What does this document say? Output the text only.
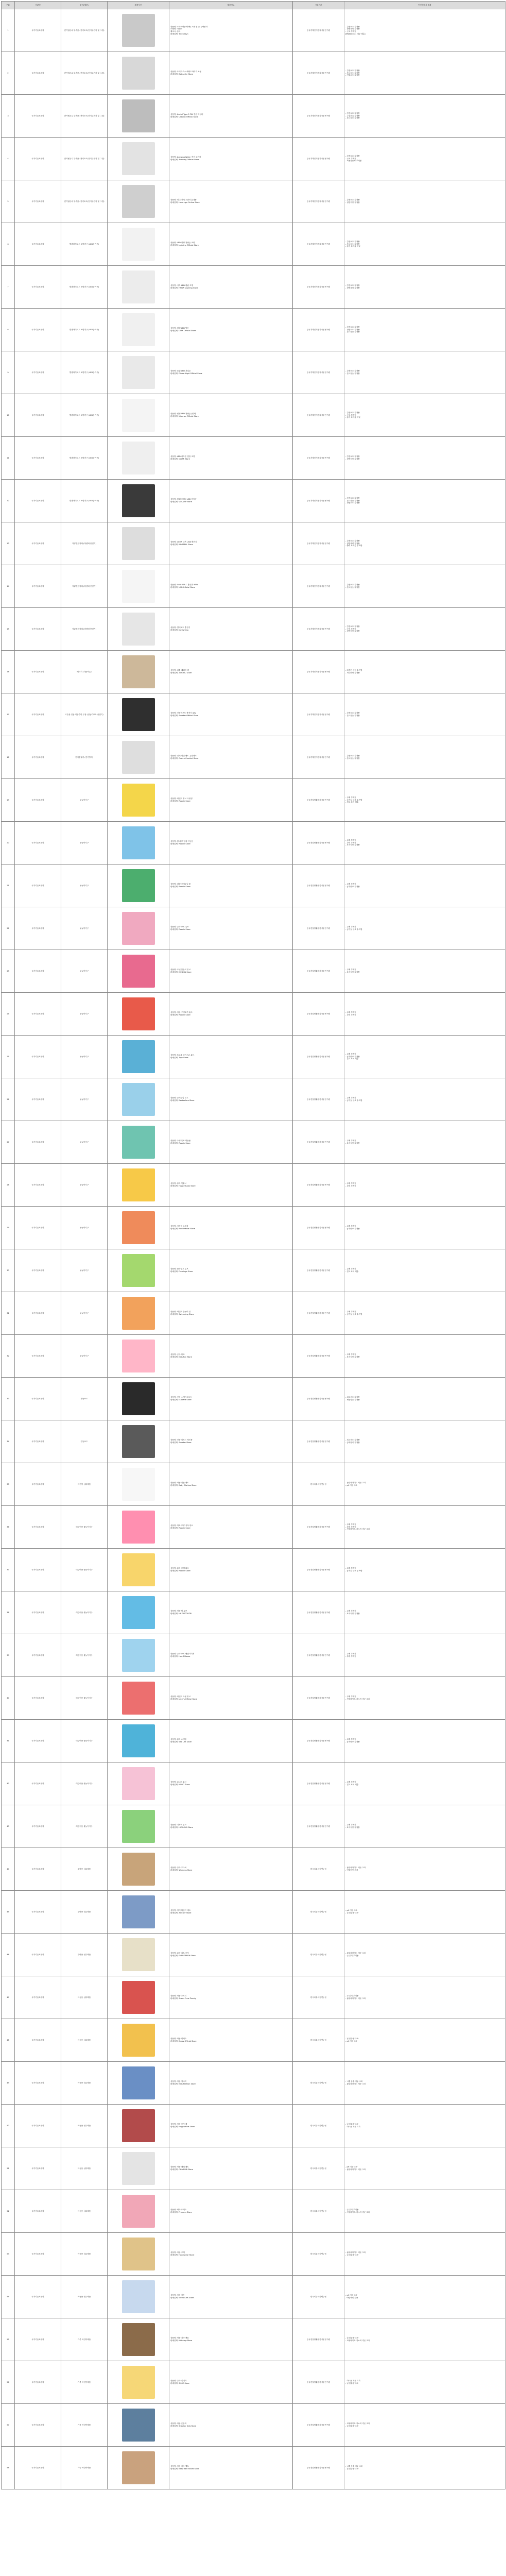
구분	기관명	품목(제품)	제품사진	제품정보	시험기관	안전성검사 결과
1	국가기술표준원	전기냉온수 부속품 (전기포트/전기주전자 및 그릴)		상품명: 드라이버(하얀색) 스텐 컵 등 주방잡화
모델명: 쿡앤쿡
제조국: 중국
판매업체: Treeneavn	한국기계전기전자시험연구원	- 감전보호 부적합
- 절연내력 부적합
- 구조 부적합
(EN60335-1 기준 미흡)

2	국가기술표준원	전기냉온수 부속품 (전기포트/전기주전자 및 그릴)		상품명: 트리하우스 헤어드라이기 소형
판매업체: Bettseller Store	한국기계전기전자시험연구원	- 감전보호 부적합
- 온도상승 부적합
- 전원코드 부적합

3	국가기술표준원	전기냉온수 부속품 (전기포트/전기주전자 및 그릴)		상품명: Useful Type 5 PIN 전원 아답터
판매업체: Useonit Official Store	한국기계전기전자시험연구원	- 감전보호 부적합
- 누설전류 부적합
- 온도상승 부적합

4	국가기술표준원	전기냉온수 부속품 (전기포트/전기주전자 및 그릴)		상품명: Auswing Water 전기 주전자
판매업체: Auswing Official Store	한국기계전기전자시험연구원	- 감전보호 부적합
- 구조 부적합
- 비정상동작 부적합

5	국가기술표준원	전기냉온수 부속품 (전기포트/전기주전자 및 그릴)		상품명: 미니 전기 주전자 휴대용
판매업체: Hasa-ugn Online Store	한국기계전기전자시험연구원	- 감전보호 부적합
- 절연저항 부적합

6	국가기술표준원	발광다이오드 조명기구 (LED등기구)		상품명: LED 원형 천장등 조명
판매업체: Lighting Official Store	한국기계전기전자시험연구원	- 감전보호 부적합
- 온도상승 부적합
- 광속 표시값 미달

7	국가기술표준원	발광다이오드 조명기구 (LED등기구)		상품명: 사각 LED 평판 조명
판매업체: HPNW Lighting Store	한국기계전기전자시험연구원	- 감전보호 부적합
- 절연내력 부적합

8	국가기술표준원	발광다이오드 조명기구 (LED등기구)		상품명: 원형 LED 방등
판매업체: DIAN Official Store	한국기계전기전자시험연구원	- 감전보호 부적합
- 전원코드 부적합
- 온도상승 부적합

9	국가기술표준원	발광다이오드 조명기구 (LED등기구)		상품명: 슬림 LED 거실등
판매업체: Dinew Light Official Store	한국기계전기전자시험연구원	- 감전보호 부적합
- 온도상승 부적합

10	국가기술표준원	발광다이오드 조명기구 (LED등기구)		상품명: 원형 LED 천장등 (흰색)
판매업체: Xhomes Official Store	한국기계전기전자시험연구원	- 감전보호 부적합
- 구조 부적합
- 광속 표시값 미달

11	국가기술표준원	발광다이오드 조명기구 (LED등기구)		상품명: LED 리모컨 천장 조명
판매업체: QLIAN Store	한국기계전기전자시험연구원	- 감전보호 부적합
- 절연저항 부적합

12	국가기술표준원	발광다이오드 조명기구 (LED등기구)		상품명: 블랙 프레임 LED 천장등
판매업체: VOLAMP Store	한국기계전기전자시험연구원	- 감전보호 부적합
- 온도상승 부적합
- 전원코드 부적합

13	국가기술표준원	직류전원장치 (어댑터·충전기)		상품명: 100W 고속 USB 충전기
판매업체: INNSMILL Store	한국기계전기전자시험연구원	- 감전보호 부적합
- 절연내력 부적합
- 출력 표시값 부적합

14	국가기술표준원	직류전원장치 (어댑터·충전기)		상품명: GaN USB-C 충전기 65W
판매업체: USB Official Store	한국기계전기전자시험연구원	- 감전보호 부적합
- 온도상승 부적합

15	국가기술표준원	직류전원장치 (어댑터·충전기)		상품명: 멀티포트 충전기
판매업체: Davishang	한국기계전기전자시험연구원	- 감전보호 부적합
- 구조 부적합
- 절연저항 부적합

16	국가기술표준원	배터리 (리튬이온)		상품명: 리튬 배터리 팩
판매업체: ZOLIXIU Store	한국기계전기전자시험연구원	- 과충전 시험 부적합
- 외부단락 부적합

17	국가기술표준원	고효율 전동 이동수단 부품 (전동킥보드 충전기)		상품명: 전동킥보드 충전기 42V
판매업체: Scooter Official Store	한국기계전기전자시험연구원	- 감전보호 부적합
- 온도상승 부적합

18	국가기술표준원	전기찜질기 (전기방석)		상품명: 전기 찜질 매트 온열패드
판매업체: Crotch Comfort Store	한국기계전기전자시험연구원	- 감전보호 부적합
- 온도상승 부적합

19	국가기술표준원	물놀이기구		상품명: 어린이 튜브 수영링
판매업체: Rooxin Store	한국건설생활환경시험연구원	- 두께 부적합
- 공기실 구조 부적합
- 경고 표시 미흡

20	국가기술표준원	물놀이기구		상품명: 팔 튜브 암링 아동용
판매업체: Rooxin Store	한국건설생활환경시험연구원	- 두께 부적합
- 부력 부적합
- 표시사항 부적합

21	국가기술표준원	물놀이기구		상품명: 대형 공기주입 풀
판매업체: Rooxin Store	한국건설생활환경시험연구원	- 두께 부적합
- 공기밸브 부적합

22	국가기술표준원	물놀이기구		상품명: 유아 보트 튜브
판매업체: Rooxin Store	한국건설생활환경시험연구원	- 두께 부적합
- 공기실 구조 부적합

23	국가기술표준원	물놀이기구		상품명: 도넛 물놀이 튜브
판매업체: MEDIRA Store	한국건설생활환경시험연구원	- 두께 부적합
- 표시사항 부적합

24	국가기술표준원	물놀이기구		상품명: 아동 구명조끼 튜브
판매업체: Rooxin Store	한국건설생활환경시험연구원	- 두께 부적합
- 부력 부적합

25	국가기술표준원	물놀이기구		상품명: 돌고래 라이드온 튜브
판매업체: Toys Store	한국건설생활환경시험연구원	- 두께 부적합
- 공기밸브 부적합
- 경고 표시 미흡

26	국가기술표준원	물놀이기구		상품명: 공기주입 보트
판매업체: Bestsellers Store	한국건설생활환경시험연구원	- 두께 부적합
- 공기실 구조 부적합

27	국가기술표준원	물놀이기구		상품명: 수영 튜브 아동용
판매업체: Rooxin Store	한국건설생활환경시험연구원	- 두께 부적합
- 표시사항 부적합

28	국가기술표준원	물놀이기구		상품명: 유아 목튜브
판매업체: Happy Baby Store	한국건설생활환경시험연구원	- 두께 부적합
- 부력 부적합

29	국가기술표준원	물놀이기구		상품명: 가족용 수영장
판매업체: Pool Official Store	한국건설생활환경시험연구원	- 두께 부적합
- 공기밸브 부적합

30	국가기술표준원	물놀이기구		상품명: 플라밍고 튜브
판매업체: Flamingo Store	한국건설생활환경시험연구원	- 두께 부적합
- 경고 표시 미흡

31	국가기술표준원	물놀이기구		상품명: 어린이 물놀이 링
판매업체: Swimming Store	한국건설생활환경시험연구원	- 두께 부적합
- 공기실 구조 부적합

32	국가기술표준원	물놀이기구		상품명: 공주 튜브
판매업체: Kids Fun Store	한국건설생활환경시험연구원	- 두께 부적합
- 표시사항 부적합

33	국가기술표준원	전동보드		상품명: 전동 스케이트보드
판매업체: E-Board Store	한국건설생활환경시험연구원	- 최고속도 부적합
- 제동성능 부적합

34	국가기술표준원	전동보드		상품명: 전동 킥보드 성인용
판매업체: Scooter Store	한국건설생활환경시험연구원	- 최고속도 부적합
- 등화장치 부적합

35	국가기술표준원	어린이 섬유제품		상품명: 아동 잠옷 세트
판매업체: Baby Clothes Store	한국의류시험연구원	- 폼알데하이드 기준 초과
- pH 기준 초과

36	국가기술표준원	어린이용 물놀이기구		상품명: 하트 모양 유아 튜브
판매업체: Rooxin Store	한국건설생활환경시험연구원	- 두께 부적합
- 부력 부적합
- 프탈레이트 가소제 기준 초과

37	국가기술표준원	어린이용 물놀이기구		상품명: 유아 보행 튜브
판매업체: Rooxin Store	한국건설생활환경시험연구원	- 두께 부적합
- 공기실 구조 부적합

38	국가기술표준원	어린이용 물놀이기구		상품명: 아동 팔 튜브
판매업체: HK OUTDOOR	한국건설생활환경시험연구원	- 두께 부적합
- 표시사항 부적합

39	국가기술표준원	어린이용 물놀이기구		상품명: 유아 보트 햇빛가리개
판매업체: Hamf-Stores	한국건설생활환경시험연구원	- 두께 부적합
- 부력 부적합

40	국가기술표준원	어린이용 물놀이기구		상품명: 어린이 수영 튜브
판매업체: Jakin's Official Store	한국건설생활환경시험연구원	- 두께 부적합
- 프탈레이트 가소제 기준 초과

41	국가기술표준원	어린이용 물놀이기구		상품명: 유아 수영장
판매업체: Sea Life Store	한국건설생활환경시험연구원	- 두께 부적합
- 공기밸브 부적합

42	국가기술표준원	어린이용 물놀이기구		상품명: 유니콘 튜브
판매업체: NOVO Store	한국건설생활환경시험연구원	- 두께 부적합
- 경고 표시 미흡

43	국가기술표준원	어린이용 물놀이기구		상품명: 거북이 튜브
판매업체: HIGOSUN Store	한국건설생활환경시험연구원	- 두께 부적합
- 표시사항 부적합

44	국가기술표준원	유아용 섬유제품		상품명: 유아 우주복
판매업체: Womens Store	한국의류시험연구원	- 폼알데하이드 기준 초과
- 아릴아민 검출

45	국가기술표준원	유아용 섬유제품		상품명: 아기 턱받이 세트
판매업체: Alecanr Store	한국의류시험연구원	- pH 기준 초과
- 납 함유량 초과

46	국가기술표준원	유아용 섬유제품		상품명: 유아 니트 모자
판매업체: EVERGREEN Store	한국의류시험연구원	- 폼알데하이드 기준 초과
- 끈 길이 부적합

47	국가기술표준원	아동용 섬유제품		상품명: 아동 후드티
판매업체: Snam Crew Trendy	한국의류시험연구원	- 끈 길이 부적합
- 폼알데하이드 기준 초과

48	국가기술표준원	아동용 섬유제품		상품명: 아동 원피스
판매업체: Dress Official Store	한국의류시험연구원	- 납 함유량 초과
- pH 기준 초과

49	국가기술표준원	아동용 섬유제품		상품명: 아동 청바지
판매업체: Kids Fashion Store	한국의류시험연구원	- 니켈 용출 기준 초과
- 폼알데하이드 기준 초과

50	국가기술표준원	아동용 섬유제품		상품명: 아동 모자 캡
판매업체: Happy Kids Store	한국의류시험연구원	- 납 함유량 초과
- 카드뮴 기준 초과

51	국가기술표준원	아동용 섬유제품		상품명: 아동 내의 세트
판매업체: CHARMIN Store	한국의류시험연구원	- pH 기준 초과
- 폼알데하이드 기준 초과

52	국가기술표준원	아동용 섬유제품		상품명: 여아 드레스
판매업체: Princess Store	한국의류시험연구원	- 끈 길이 부적합
- 프탈레이트 가소제 기준 초과

53	국가기술표준원	아동용 섬유제품		상품명: 아동 조끼
판매업체: Hoomwear Store	한국의류시험연구원	- 폼알데하이드 기준 초과
- 납 함유량 초과

54	국가기술표준원	아동용 섬유제품		상품명: 아동 잠옷
판매업체: Sleep Kids Store	한국의류시험연구원	- pH 기준 초과
- 아릴아민 검출

55	국가기술표준원	가죽 어린이제품		상품명: 아동 가죽 샌들
판매업체: Kidsstep Store	한국건설생활환경시험연구원	- 납 함유량 초과
- 프탈레이트 가소제 기준 초과

56	국가기술표준원	가죽 어린이제품		상품명: 유아 실내화
판매업체: SHOE Store	한국건설생활환경시험연구원	- 카드뮴 기준 초과
- 납 함유량 초과

57	국가기술표준원	가죽 어린이제품		상품명: 아동 운동화
판매업체: Sneaker Kids Store	한국건설생활환경시험연구원	- 프탈레이트 가소제 기준 초과
- 납 함유량 초과

58	국가기술표준원	가죽 어린이제품		상품명: 아동 가죽 벨트
판매업체: Baby Belt Shoes Store	한국건설생활환경시험연구원	- 니켈 용출 기준 초과
- 납 함유량 초과
